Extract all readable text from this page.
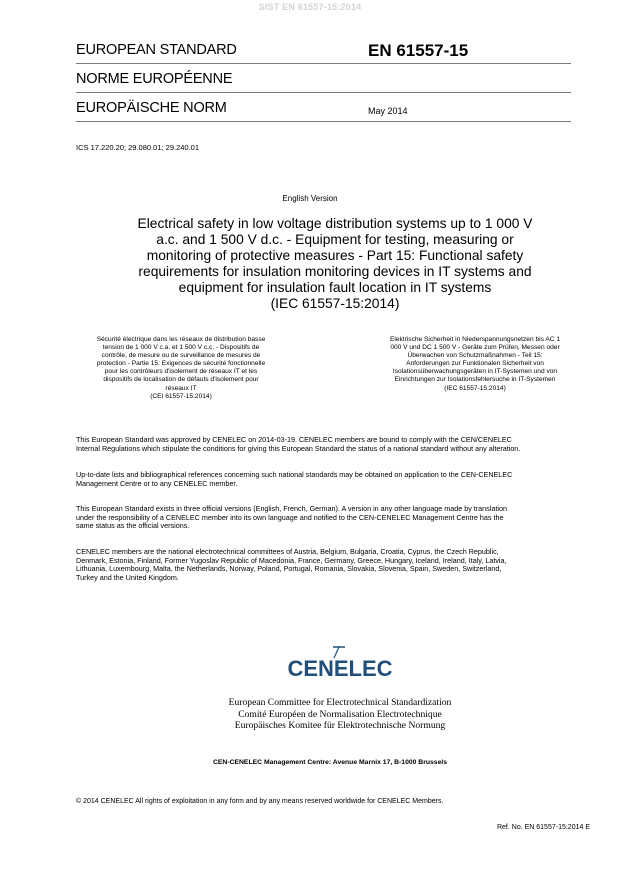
SIST EN 61557-15:2014
EUROPEAN STANDARD
NORME EUROPÉENNE
EUROPÄISCHE NORM
EN 61557-15
May 2014
ICS 17.220.20; 29.080.01; 29.240.01
English Version
Electrical safety in low voltage distribution systems up to 1 000 V
a.c. and 1 500 V d.c. - Equipment for testing, measuring or
monitoring of protective measures - Part 15: Functional safety
requirements for insulation monitoring devices in IT systems and
equipment for insulation fault location in IT systems
(IEC 61557-15:2014)
Sécurité électrique dans les réseaux de distribution basse
tension de 1 000 V c.a. et 1 500 V c.c. - Dispositifs de
contrôle, de mesure ou de surveillance de mesures de
protection - Partie 15: Exigences de sécurité fonctionnelle
pour les contrôleurs d'isolement de réseaux IT et les
dispositifs de localisation de défauts d'isolement pour
réseaux IT
(CEI 61557-15:2014)
Elektrische Sicherheit in Niederspannungsnetzen bis AC 1
000 V und DC 1 500 V - Geräte zum Prüfen, Messen oder
Überwachen von Schutzmaßnahmen - Teil 15:
Anforderungen zur Funktionalen Sicherheit von
Isolationsüberwachungsgeräten in IT-Systemen und von
Einrichtungen zur Isolationsfehlersuche in IT-Systemen
(IEC 61557-15:2014)
This European Standard was approved by CENELEC on 2014-03-19. CENELEC members are bound to comply with the CEN/CENELEC
Internal Regulations which stipulate the conditions for giving this European Standard the status of a national standard without any alteration.
Up-to-date lists and bibliographical references concerning such national standards may be obtained on application to the CEN-CENELEC
Management Centre or to any CENELEC member.
This European Standard exists in three official versions (English, French, German). A version in any other language made by translation
under the responsibility of a CENELEC member into its own language and notified to the CEN-CENELEC Management Centre has the
same status as the official versions.
CENELEC members are the national electrotechnical committees of Austria, Belgium, Bulgaria, Croatia, Cyprus, the Czech Republic,
Denmark, Estonia, Finland, Former Yugoslav Republic of Macedonia, France, Germany, Greece, Hungary, Iceland, Ireland, Italy, Latvia,
Lithuania, Luxembourg, Malta, the Netherlands, Norway, Poland, Portugal, Romania, Slovakia, Slovenia, Spain, Sweden, Switzerland,
Turkey and the United Kingdom.
CENELEC
European Committee for Electrotechnical Standardization
Comité Européen de Normalisation Electrotechnique
Europäisches Komitee für Elektrotechnische Normung
CEN-CENELEC Management Centre: Avenue Marnix 17, B-1000 Brussels
© 2014 CENELEC All rights of exploitation in any form and by any means reserved worldwide for CENELEC Members.
Ref. No. EN 61557-15:2014 E
